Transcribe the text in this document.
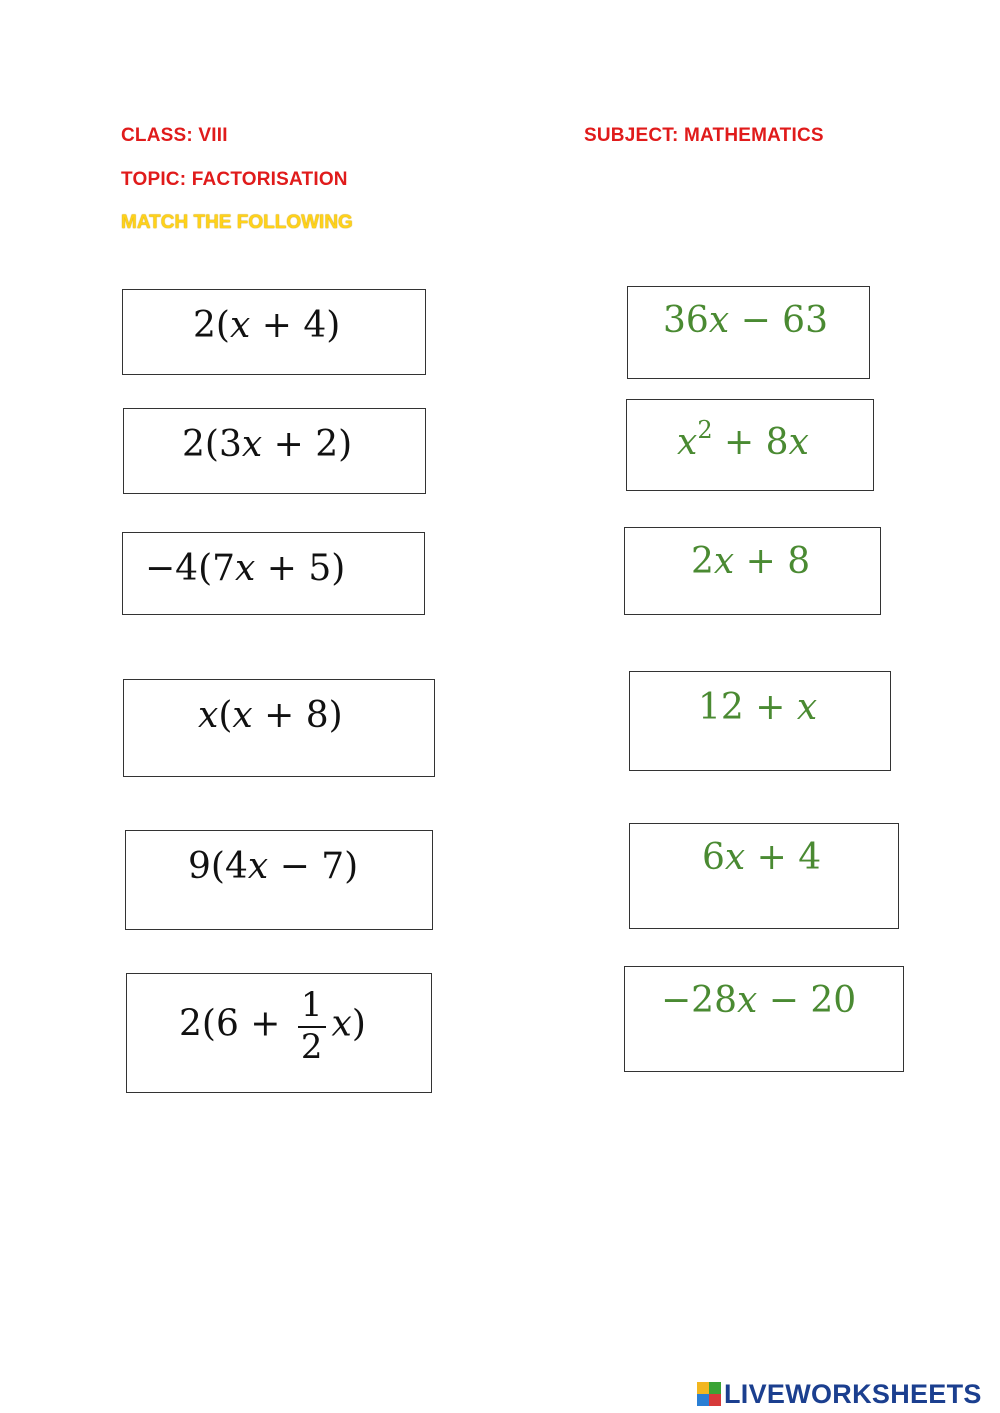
CLASS: VIII	SUBJECT: MATHEMATICS
TOPIC: FACTORISATION
MATCH THE FOLLOWING
2(x + 4)
2(3x + 2)
−4(7x + 5)
x(x + 8)
9(4x − 7)
$2(6 + \frac{1}{2} x)$
36x − 63
$x^2 + 8x$
2x + 8
12 + x
6x + 4
−28x − 20
LIVEWORKSHEETS
